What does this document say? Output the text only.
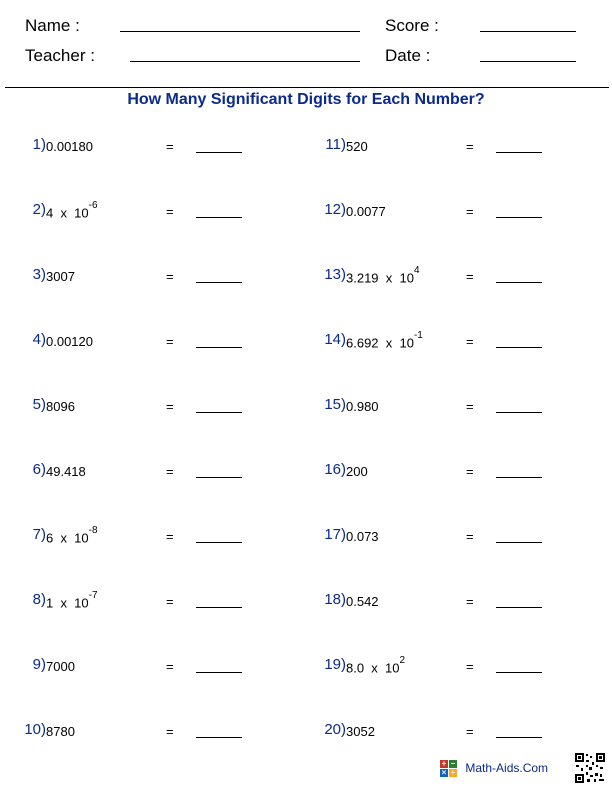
Name :	Score :
Teacher :	Date :
How Many Significant Digits for Each Number?
1) 0.00180	=
2) 4  x  $10^{-6}$	=
3) 3007	=
4) 0.00120	=
5) 8096	=
6) 49.418	=
7) 6  x  $10^{-8}$	=
8) 1  x  $10^{-7}$	=
9) 7000	=
10) 8780	=
11) 520	=
12) 0.0077	=
13) 3.219  x  $10^4$	=
14) 6.692  x  $10^{-1}$	=
15) 0.980	=
16) 200	=
17) 0.073	=
18) 0.542	=
19) 8.0  x  $10^2$	=
20) 3052	=
+ −
× ÷ Math-Aids.Com
